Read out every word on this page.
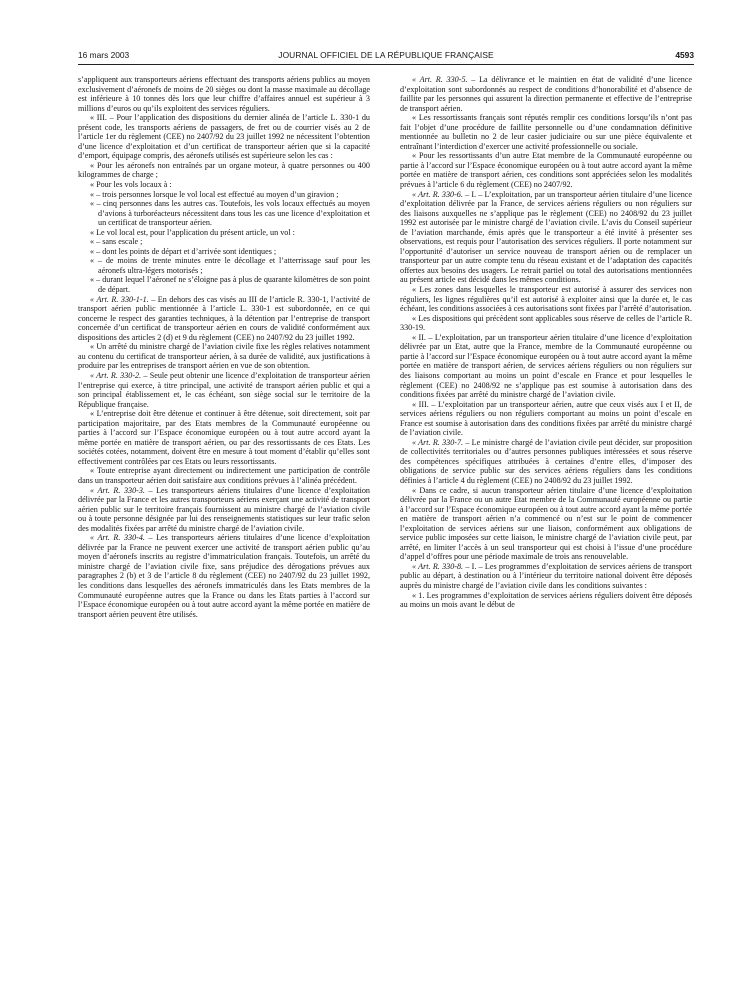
16 mars 2003	JOURNAL OFFICIEL DE LA RÉPUBLIQUE FRANÇAISE	4593

s’appliquent aux transporteurs aériens effectuant des transports aériens publics au moyen exclusivement d’aéronefs de moins de 20 sièges ou dont la masse maximale au décollage est inférieure à 10 tonnes dès lors que leur chiffre d’affaires annuel est supérieur à 3 millions d’euros ou qu’ils exploitent des services réguliers.

« III. – Pour l’application des dispositions du dernier alinéa de l’article L. 330-1 du présent code, les transports aériens de passagers, de fret ou de courrier visés au 2 de l’article 1er du règlement (CEE) no 2407/92 du 23 juillet 1992 ne nécessitent l’obtention d’une licence d’exploitation et d’un certificat de transporteur aérien que si la capacité d’emport, équipage compris, des aéronefs utilisés est supérieure selon les cas :

« Pour les aéronefs non entraînés par un organe moteur, à quatre personnes ou 400 kilogrammes de charge ;

« Pour les vols locaux à :

« – trois personnes lorsque le vol local est effectué au moyen d’un giravion ;

« – cinq personnes dans les autres cas. Toutefois, les vols locaux effectués au moyen d’avions à turboréacteurs nécessitent dans tous les cas une licence d’exploitation et un certificat de transporteur aérien.

« Le vol local est, pour l’application du présent article, un vol :

« – sans escale ;

« – dont les points de départ et d’arrivée sont identiques ;

« – de moins de trente minutes entre le décollage et l’atterrissage sauf pour les aéronefs ultra-légers motorisés ;

« – durant lequel l’aéronef ne s’éloigne pas à plus de quarante kilomètres de son point de départ.

« Art. R. 330-1-1. – En dehors des cas visés au III de l’article R. 330-1, l’activité de transport aérien public mentionnée à l’article L. 330-1 est subordonnée, en ce qui concerne le respect des garanties techniques, à la détention par l’entreprise de transport concernée d’un certificat de transporteur aérien en cours de validité conformément aux dispositions des articles 2 (d) et 9 du règlement (CEE) no 2407/92 du 23 juillet 1992.

« Un arrêté du ministre chargé de l’aviation civile fixe les règles relatives notamment au contenu du certificat de transporteur aérien, à sa durée de validité, aux justifications à produire par les entreprises de transport aérien en vue de son obtention.

« Art. R. 330-2. – Seule peut obtenir une licence d’exploitation de transporteur aérien l’entreprise qui exerce, à titre principal, une activité de transport aérien public et qui a son principal établissement et, le cas échéant, son siège social sur le territoire de la République française.

« L’entreprise doit être détenue et continuer à être détenue, soit directement, soit par participation majoritaire, par des Etats membres de la Communauté européenne ou parties à l’accord sur l’Espace économique européen ou à tout autre accord ayant la même portée en matière de transport aérien, ou par des ressortissants de ces Etats. Les sociétés cotées, notamment, doivent être en mesure à tout moment d’établir qu’elles sont effectivement contrôlées par ces Etats ou leurs ressortissants.

« Toute entreprise ayant directement ou indirectement une participation de contrôle dans un transporteur aérien doit satisfaire aux conditions prévues à l’alinéa précédent.

« Art. R. 330-3. – Les transporteurs aériens titulaires d’une licence d’exploitation délivrée par la France et les autres transporteurs aériens exerçant une activité de transport aérien public sur le territoire français fournissent au ministre chargé de l’aviation civile ou à toute personne désignée par lui des renseignements statistiques sur leur trafic selon des modalités fixées par arrêté du ministre chargé de l’aviation civile.

« Art. R. 330-4. – Les transporteurs aériens titulaires d’une licence d’exploitation délivrée par la France ne peuvent exercer une activité de transport aérien public qu’au moyen d’aéronefs inscrits au registre d’immatriculation français. Toutefois, un arrêté du ministre chargé de l’aviation civile fixe, sans préjudice des dérogations prévues aux paragraphes 2 (b) et 3 de l’article 8 du règlement (CEE) no 2407/92 du 23 juillet 1992, les conditions dans lesquelles des aéronefs immatriculés dans les Etats membres de la Communauté européenne autres que la France ou dans les Etats parties à l’accord sur l’Espace économique européen ou à tout autre accord ayant la même portée en matière de transport aérien peuvent être utilisés.

« Art. R. 330-5. – La délivrance et le maintien en état de validité d’une licence d’exploitation sont subordonnés au respect de conditions d’honorabilité et d’absence de faillite par les personnes qui assurent la direction permanente et effective de l’entreprise de transport aérien.

« Les ressortissants français sont réputés remplir ces conditions lorsqu’ils n’ont pas fait l’objet d’une procédure de faillite personnelle ou d’une condamnation définitive mentionnée au bulletin no 2 de leur casier judiciaire ou sur une pièce équivalente et entraînant l’interdiction d’exercer une activité professionnelle ou sociale.

« Pour les ressortissants d’un autre Etat membre de la Communauté européenne ou partie à l’accord sur l’Espace économique européen ou à tout autre accord ayant la même portée en matière de transport aérien, ces conditions sont appréciées selon les modalités prévues à l’article 6 du règlement (CEE) no 2407/92.

« Art. R. 330-6. – I. – L’exploitation, par un transporteur aérien titulaire d’une licence d’exploitation délivrée par la France, de services aériens réguliers ou non réguliers sur des liaisons auxquelles ne s’applique pas le règlement (CEE) no 2408/92 du 23 juillet 1992 est autorisée par le ministre chargé de l’aviation civile. L’avis du Conseil supérieur de l’aviation marchande, émis après que le transporteur a été invité à présenter ses observations, est requis pour l’autorisation des services réguliers. Il porte notamment sur l’opportunité d’autoriser un service nouveau de transport aérien ou de remplacer un transporteur par un autre compte tenu du réseau existant et de l’adaptation des capacités offertes aux besoins des usagers. Le retrait partiel ou total des autorisations mentionnées au présent article est décidé dans les mêmes conditions.

« Les zones dans lesquelles le transporteur est autorisé à assurer des services non réguliers, les lignes régulières qu’il est autorisé à exploiter ainsi que la durée et, le cas échéant, les conditions associées à ces autorisations sont fixées par l’arrêté d’autorisation.

« Les dispositions qui précèdent sont applicables sous réserve de celles de l’article R. 330-19.

« II. – L’exploitation, par un transporteur aérien titulaire d’une licence d’exploitation délivrée par un Etat, autre que la France, membre de la Communauté européenne ou partie à l’accord sur l’Espace économique européen ou à tout autre accord ayant la même portée en matière de transport aérien, de services aériens réguliers ou non réguliers sur des liaisons comportant au moins un point d’escale en France et pour lesquelles le règlement (CEE) no 2408/92 ne s’applique pas est soumise à autorisation dans des conditions fixées par arrêté du ministre chargé de l’aviation civile.

« III. – L’exploitation par un transporteur aérien, autre que ceux visés aux I et II, de services aériens réguliers ou non réguliers comportant au moins un point d’escale en France est soumise à autorisation dans des conditions fixées par arrêté du ministre chargé de l’aviation civile.

« Art. R. 330-7. – Le ministre chargé de l’aviation civile peut décider, sur proposition de collectivités territoriales ou d’autres personnes publiques intéressées et sous réserve des compétences spécifiques attribuées à certaines d’entre elles, d’imposer des obligations de service public sur des services aériens réguliers dans les conditions définies à l’article 4 du règlement (CEE) no 2408/92 du 23 juillet 1992.

« Dans ce cadre, si aucun transporteur aérien titulaire d’une licence d’exploitation délivrée par la France ou un autre Etat membre de la Communauté européenne ou partie à l’accord sur l’Espace économique européen ou à tout autre accord ayant la même portée en matière de transport aérien n’a commencé ou n’est sur le point de commencer l’exploitation de services aériens sur une liaison, conformément aux obligations de service public imposées sur cette liaison, le ministre chargé de l’aviation civile peut, par arrêté, en limiter l’accès à un seul transporteur qui est choisi à l’issue d’une procédure d’appel d’offres pour une période maximale de trois ans renouvelable.

« Art. R. 330-8. – I. – Les programmes d’exploitation de services aériens de transport public au départ, à destination ou à l’intérieur du territoire national doivent être déposés auprès du ministre chargé de l’aviation civile dans les conditions suivantes :

« 1. Les programmes d’exploitation de services aériens réguliers doivent être déposés au moins un mois avant le début de
